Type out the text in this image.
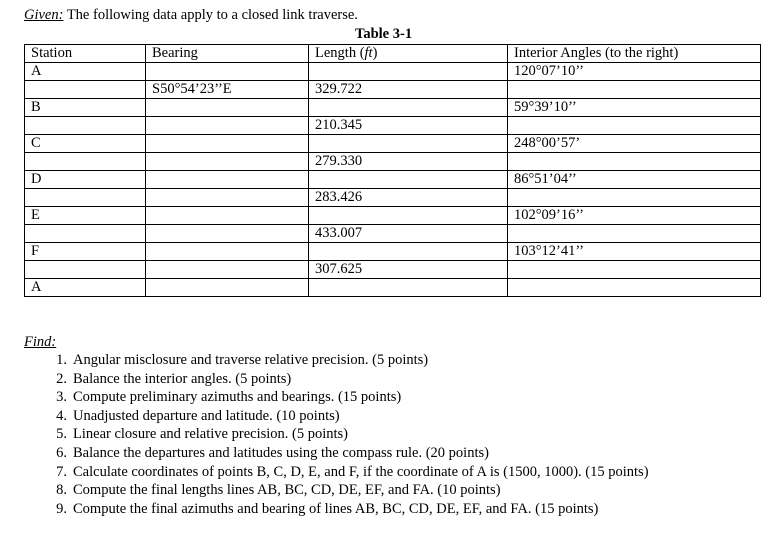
Given: The following data apply to a closed link traverse.
Table 3-1
Station	Bearing	Length (ft)	Interior Angles (to the right)
A			120°07’10’’
	S50°54’23’’E	329.722	
B			59°39’10’’
		210.345	
C			248°00’57’
		279.330	
D			86°51’04’’
		283.426	
E			102°09’16’’
		433.007	
F			103°12’41’’
		307.625	
A			
Find:
1. Angular misclosure and traverse relative precision. (5 points)
2. Balance the interior angles. (5 points)
3. Compute preliminary azimuths and bearings. (15 points)
4. Unadjusted departure and latitude. (10 points)
5. Linear closure and relative precision. (5 points)
6. Balance the departures and latitudes using the compass rule. (20 points)
7. Calculate coordinates of points B, C, D, E, and F, if the coordinate of A is (1500, 1000). (15 points)
8. Compute the final lengths lines AB, BC, CD, DE, EF, and FA. (10 points)
9. Compute the final azimuths and bearing of lines AB, BC, CD, DE, EF, and FA. (15 points)
